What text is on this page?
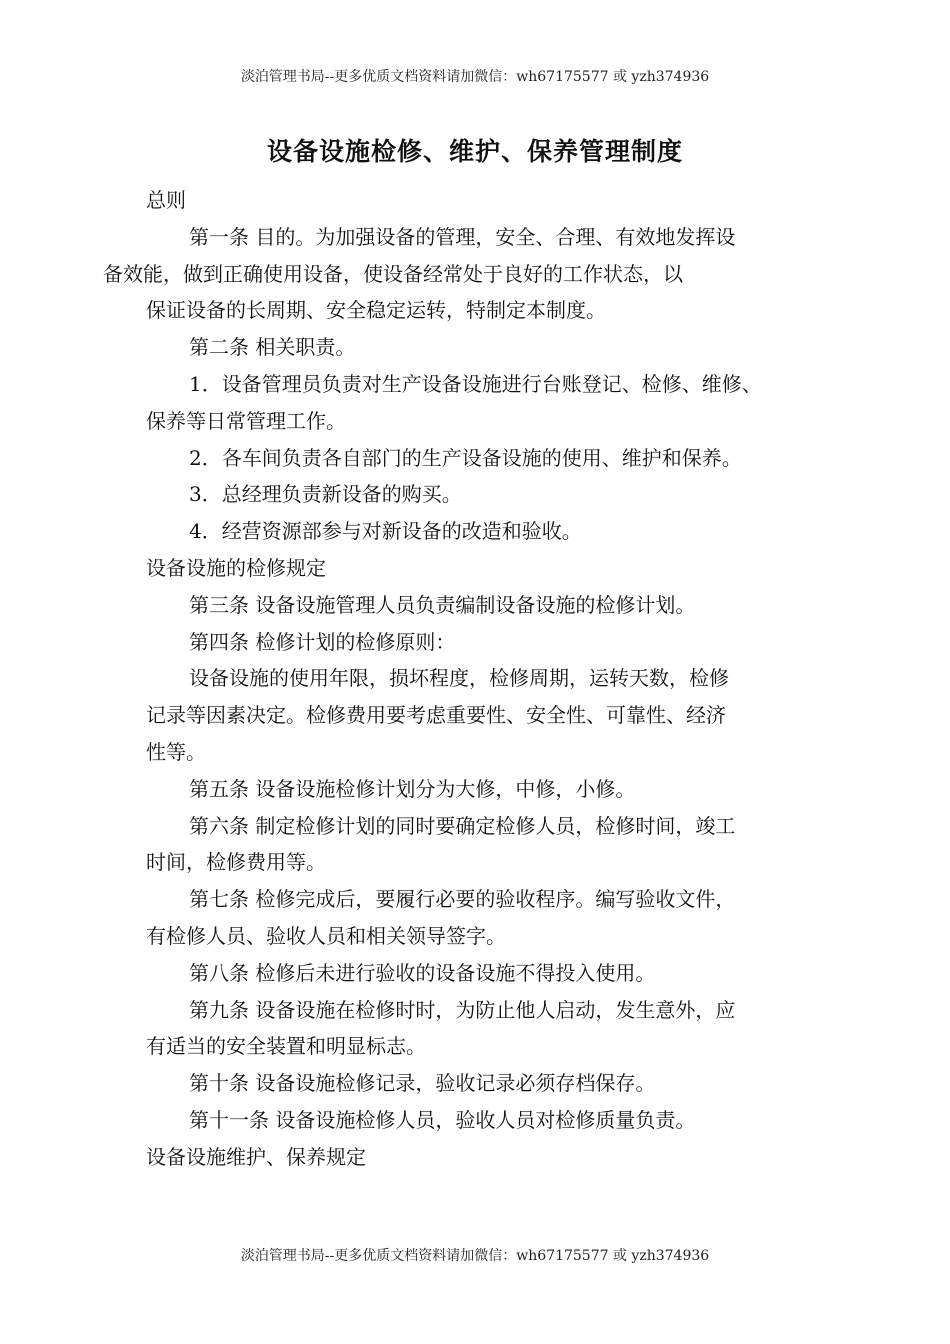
淡泊管理书局--更多优质文档资料请加微信：wh67175577 或 yzh374936
设备设施检修、维护、保养管理制度
总则
第一条 目的。为加强设备的管理，安全、合理、有效地发挥设
备效能，做到正确使用设备，使设备经常处于良好的工作状态，以
保证设备的长周期、安全稳定运转，特制定本制度。
第二条 相关职责。
1．设备管理员负责对生产设备设施进行台账登记、检修、维修、
保养等日常管理工作。
2．各车间负责各自部门的生产设备设施的使用、维护和保养。
3．总经理负责新设备的购买。
4．经营资源部参与对新设备的改造和验收。
设备设施的检修规定
第三条 设备设施管理人员负责编制设备设施的检修计划。
第四条 检修计划的检修原则：
设备设施的使用年限，损坏程度，检修周期，运转天数，检修
记录等因素决定。检修费用要考虑重要性、安全性、可靠性、经济
性等。
第五条 设备设施检修计划分为大修，中修，小修。
第六条 制定检修计划的同时要确定检修人员，检修时间，竣工
时间，检修费用等。
第七条 检修完成后，要履行必要的验收程序。编写验收文件，
有检修人员、验收人员和相关领导签字。
第八条 检修后未进行验收的设备设施不得投入使用。
第九条 设备设施在检修时时，为防止他人启动，发生意外，应
有适当的安全装置和明显标志。
第十条 设备设施检修记录，验收记录必须存档保存。
第十一条 设备设施检修人员，验收人员对检修质量负责。
设备设施维护、保养规定
淡泊管理书局--更多优质文档资料请加微信：wh67175577 或 yzh374936
